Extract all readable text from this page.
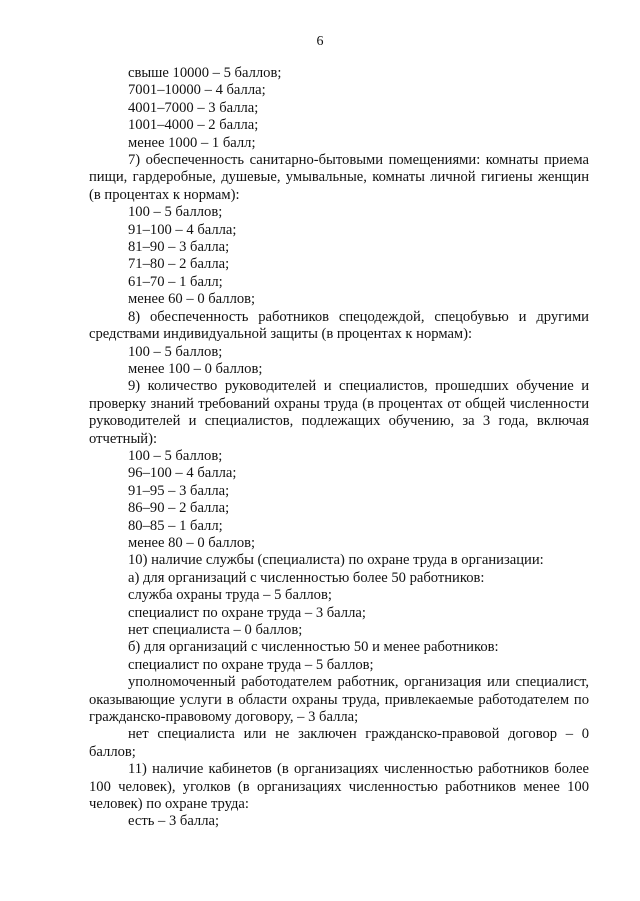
6
свыше 10000 – 5 баллов;
7001–10000 – 4 балла;
4001–7000 – 3 балла;
1001–4000 – 2 балла;
менее 1000 – 1 балл;
7) обеспеченность санитарно-бытовыми помещениями: комнаты приема пищи, гардеробные, душевые, умывальные, комнаты личной гигиены женщин (в процентах к нормам):
100 – 5 баллов;
91–100 – 4 балла;
81–90 – 3 балла;
71–80 – 2 балла;
61–70 – 1 балл;
менее 60 – 0 баллов;
8) обеспеченность работников спецодеждой, спецобувью и другими средствами индивидуальной защиты (в процентах к нормам):
100 – 5 баллов;
менее 100 – 0 баллов;
9) количество руководителей и специалистов, прошедших обучение и проверку знаний требований охраны труда (в процентах от общей численности руководителей и специалистов, подлежащих обучению, за 3 года, включая отчетный):
100 – 5 баллов;
96–100 – 4 балла;
91–95 – 3 балла;
86–90 – 2 балла;
80–85 – 1 балл;
менее 80 – 0 баллов;
10) наличие службы (специалиста) по охране труда в организации:
а) для организаций с численностью более 50 работников:
служба охраны труда – 5 баллов;
специалист по охране труда – 3 балла;
нет специалиста – 0 баллов;
б) для организаций с численностью 50 и менее работников:
специалист по охране труда – 5 баллов;
уполномоченный работодателем работник, организация или специалист, оказывающие услуги в области охраны труда, привлекаемые работодателем по гражданско-правовому договору, – 3 балла;
нет специалиста или не заключен гражданско-правовой договор – 0 баллов;
11) наличие кабинетов (в организациях численностью работников более 100 человек), уголков (в организациях численностью работников менее 100 человек) по охране труда:
есть – 3 балла;
